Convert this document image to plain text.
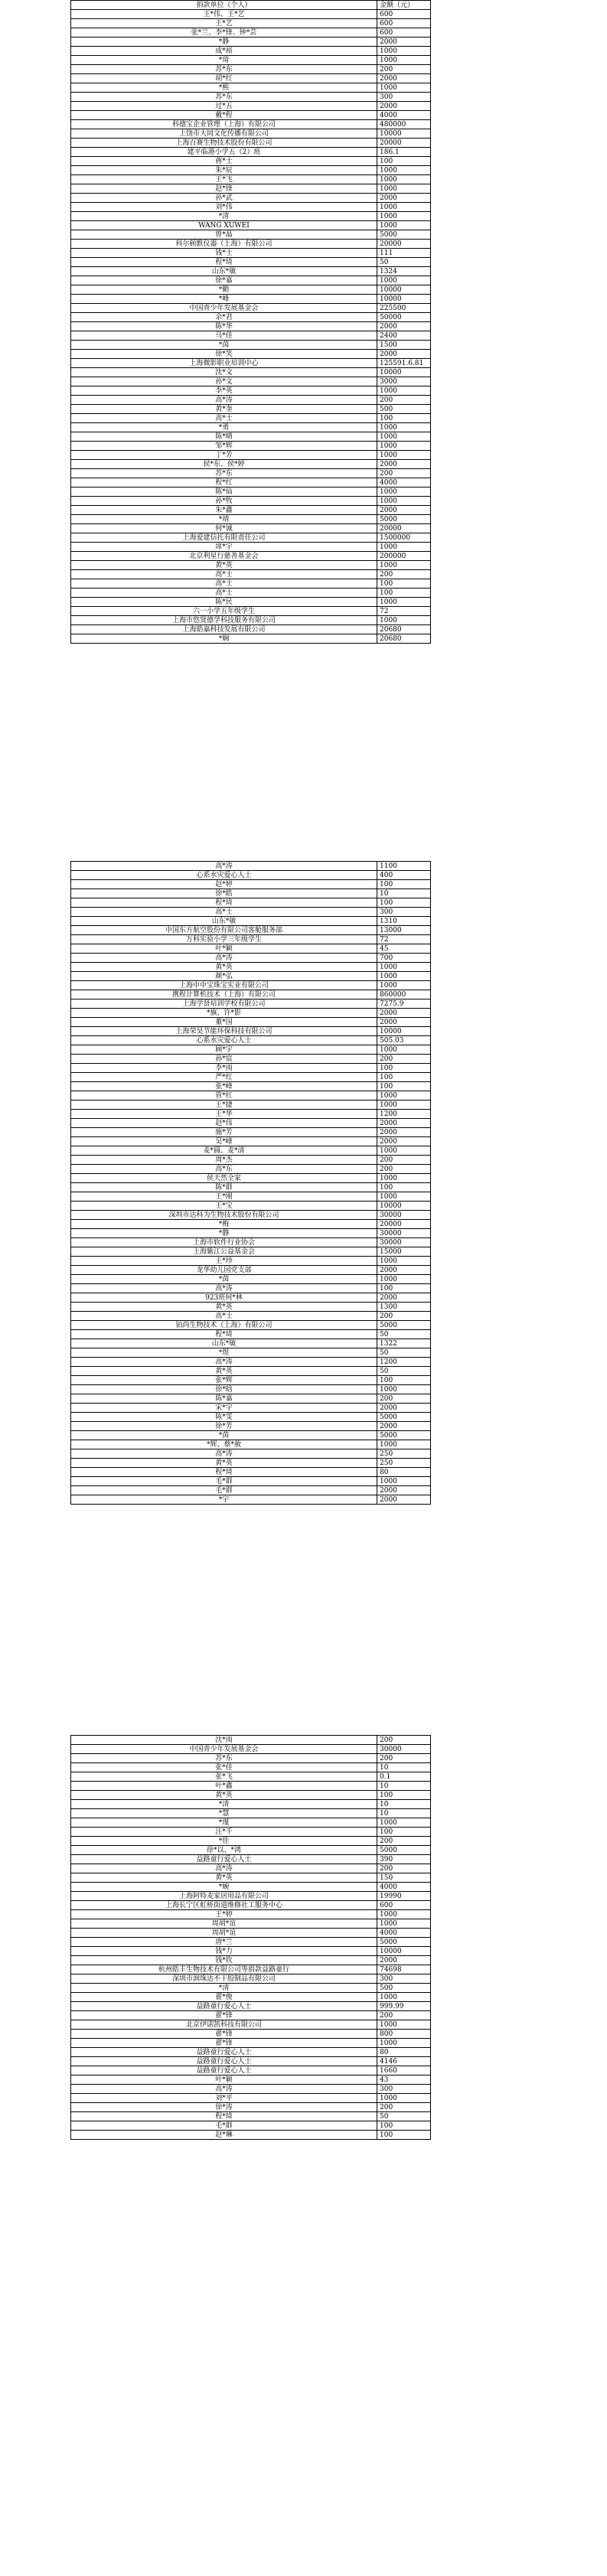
捐款单位（个人）	金额（元）
王*伟、王*艺	600
王*艺	600
张*兰、李*锋、钟*芸	600
*静	2000
成*裕	1000
*琦	1000
苏*东	200
胡*红	2000
*熙	1000
苏*东	300
过*五	2000
戴*程	4000
科德宝企业管理（上海）有限公司	480000
上饶市大同文化传播有限公司	10000
上海百赛生物技术股份有限公司	20000
建平临港小学五（2）班	186.1
蒋*士	100
朱*辰	1000
王*飞	1000
赵*锋	1000
孙*武	2000
刘*伟	1000
*清	1000
WANG XUWEI	1000
曾*晶	5000
科尔顿默仪器（上海）有限公司	20000
钱*士	111
程*琦	50
山东*敏	1324
徐*嘉	1000
*勤	10000
*峰	10000
中国青少年发展基金会	225500
余*君	50000
陈*华	2000
马*佳	2400
*茵	1500
徐*笑	2000
上海微影职业培训中心	125591.6.81
沈*文	10000
孙*文	3000
李*英	1000
高*涛	200
黄*奎	500
高*士	100
*勇	1000
陈*晴	1000
邹*辉	1000
丁*芳	1000
侯*东、侯*婷	2000
苏*东	200
程*红	4000
陈*仙	1000
孙*牧	1000
朱*鑫	2000
*靖	5000
何*诚	20000
上海爱建信托有限责任公司	1500000
席*宇	1000
北京利星行慈善基金会	200000
黄*英	1000
高*士	200
高*士	100
高*士	100
陈*民	1000
六一小学五年级学生	72
上海市悠贤德学科技服务有限公司	1000
上海皓嘉科技发展有限公司	20680
*娴	20680
高*涛	1100
心系水灾爱心人士	400
赵*婷	100
徐*皓	10
程*琦	100
高*士	300
山东*敏	1310
中国东方航空股份有限公司客舱服务部	13000
万科实验小学三年级学生	72
叶*颖	45
高*涛	700
黄*英	1000
颜*弘	1000
上海中中宝珠宝实业有限公司	1000
携程计算机技术（上海）有限公司	860000
上海学贤培训学校有限公司	7275.9
*旗、许*影	2000
董*国	2000
上海荣昊节能环保科技有限公司	10000
心系水灾爱心人士	505.03
顾*宇	1000
孙*宸	200
李*雨	100
严*红	100
张*峰	100
管*红	1000
王*捷	1000
王*华	1200
赵*伟	2000
施*芳	2000
吴*峰	2000
麦*圆、麦*清	1000
周*杰	200
高*东	200
侯天然全家	1000
陈*群	100
王*刚	1000
王*宝	10000
深圳市达科为生物技术股份有限公司	30000
*梅	20000
*静	30000
上海市软件行业协会	30000
上海紫江公益基金会	15000
王*珍	1000
龙华幼儿园党支部	2000
*茵	1000
高*涛	100
923班何*林	2000
黄*英	1300
高*士	200
铂尚生物技术（上海）有限公司	5000
程*琦	50
山东*敏	1322
*煜	50
高*涛	1200
黄*英	50
张*辉	100
徐*晗	1000
陈*嘉	200
宋*宇	2000
陈*雯	5000
徐*芳	2000
*茵	5000
*辉、蔡*赦	1000
高*涛	250
黄*英	250
程*琦	80
毛*群	1000
毛*群	2000
*宇	2000
沈*雨	200
中国青少年发展基金会	30000
苏*东	200
张*佳	10
张*飞	0.1
叶*鑫	10
黄*英	100
*清	10
*慧	10
*瑾	1000
汪*千	100
*佳	200
徐*以、*鸿	5000
益路童行爱心人士	390
高*涛	200
黄*英	150
*婉	4000
上海阿特麦家居用品有限公司	19990
上海长宁区虹桥街道维修社工服务中心	600
王*婷	1000
周胡*谊	1000
周胡*谊	4000
唐*兰	5000
钱*力	10000
钱*钦	2000
杭州皓丰生物技术有限公司等捐款益路童行	74698
深圳市润珠达不干胶制品有限公司	300
*清	500
翟*俊	1000
益路童行爱心人士	999.99
翟*锋	200
北京伊诺凯科技有限公司	1000
翟*锋	800
翟*锋	1000
益路童行爱心人士	80
益路童行爱心人士	4146
益路童行爱心人士	1660
叶*颖	43
高*涛	300
刘*平	1000
徐*涛	200
程*琦	50
毛*群	100
赵*琳	100
